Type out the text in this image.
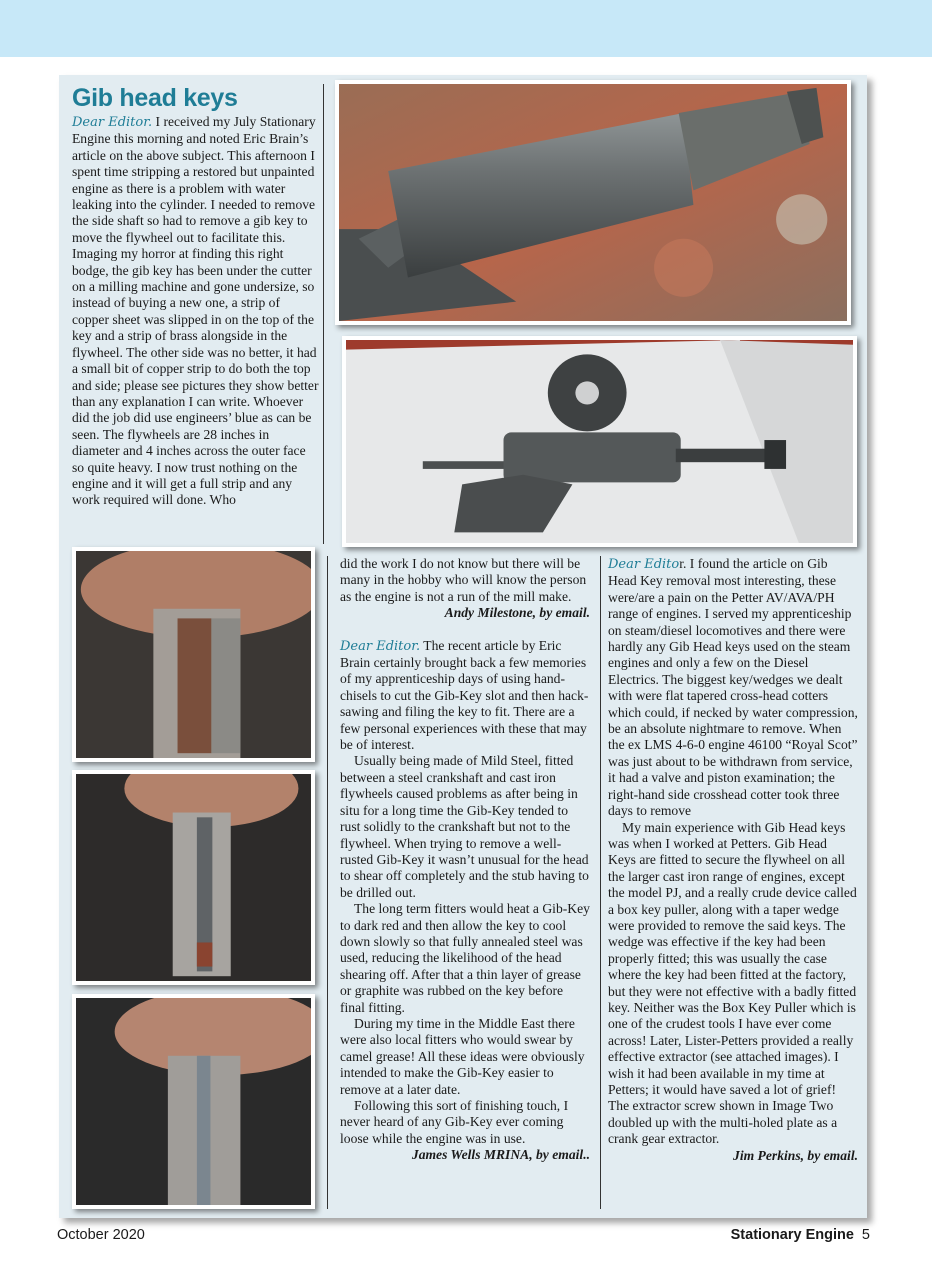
Gib head keys

Dear Editor. I received my July Stationary Engine this morning and noted Eric Brain’s article on the above subject. This afternoon I spent time stripping a restored but unpainted engine as there is a problem with water leaking into the cylinder. I needed to remove the side shaft so had to remove a gib key to move the flywheel out to facilitate this. Imaging my horror at finding this right bodge, the gib key has been under the cutter on a milling machine and gone undersize, so instead of buying a new one, a strip of copper sheet was slipped in on the top of the key and a strip of brass alongside in the flywheel. The other side was no better, it had a small bit of copper strip to do both the top and side; please see pictures they show better than any explanation I can write. Whoever did the job did use engineers’ blue as can be seen. The flywheels are 28 inches in diameter and 4 inches across the outer face so quite heavy. I now trust nothing on the engine and it will get a full strip and any work required will done. Who

did the work I do not know but there will be many in the hobby who will know the person as the engine is not a run of the mill make.

Andy Milestone, by email.

Dear Editor. The recent article by Eric Brain certainly brought back a few memories of my apprenticeship days of using hand-chisels to cut the Gib-Key slot and then hack-sawing and filing the key to fit. There are a few personal experiences with these that may be of interest.

Usually being made of Mild Steel, fitted between a steel crankshaft and cast iron flywheels caused problems as after being in situ for a long time the Gib-Key tended to rust solidly to the crankshaft but not to the flywheel. When trying to remove a well-rusted Gib-Key it wasn’t unusual for the head to shear off completely and the stub having to be drilled out.

The long term fitters would heat a Gib-Key to dark red and then allow the key to cool down slowly so that fully annealed steel was used, reducing the likelihood of the head shearing off. After that a thin layer of grease or graphite was rubbed on the key before final fitting.

During my time in the Middle East there were also local fitters who would swear by camel grease! All these ideas were obviously intended to make the Gib-Key easier to remove at a later date.

Following this sort of finishing touch, I never heard of any Gib-Key ever coming loose while the engine was in use.

James Wells MRINA, by email..

Dear Editor. I found the article on Gib Head Key removal most interesting, these were/are a pain on the Petter AV/AVA/PH range of engines. I served my apprenticeship on steam/diesel locomotives and there were hardly any Gib Head keys used on the steam engines and only a few on the Diesel Electrics. The biggest key/wedges we dealt with were flat tapered cross-head cotters which could, if necked by water compression, be an absolute nightmare to remove. When the ex LMS 4-6-0 engine 46100 “Royal Scot” was just about to be withdrawn from service, it had a valve and piston examination; the right-hand side crosshead cotter took three days to remove

My main experience with Gib Head keys was when I worked at Petters. Gib Head Keys are fitted to secure the flywheel on all the larger cast iron range of engines, except the model PJ, and a really crude device called a box key puller, along with a taper wedge were provided to remove the said keys. The wedge was effective if the key had been properly fitted; this was usually the case where the key had been fitted at the factory, but they were not effective with a badly fitted key. Neither was the Box Key Puller which is one of the crudest tools I have ever come across! Later, Lister-Petters provided a really effective extractor (see attached images). I wish it had been available in my time at Petters; it would have saved a lot of grief! The extractor screw shown in Image Two doubled up with the multi-holed plate as a crank gear extractor.

Jim Perkins, by email.

October 2020	Stationary Engine 5
